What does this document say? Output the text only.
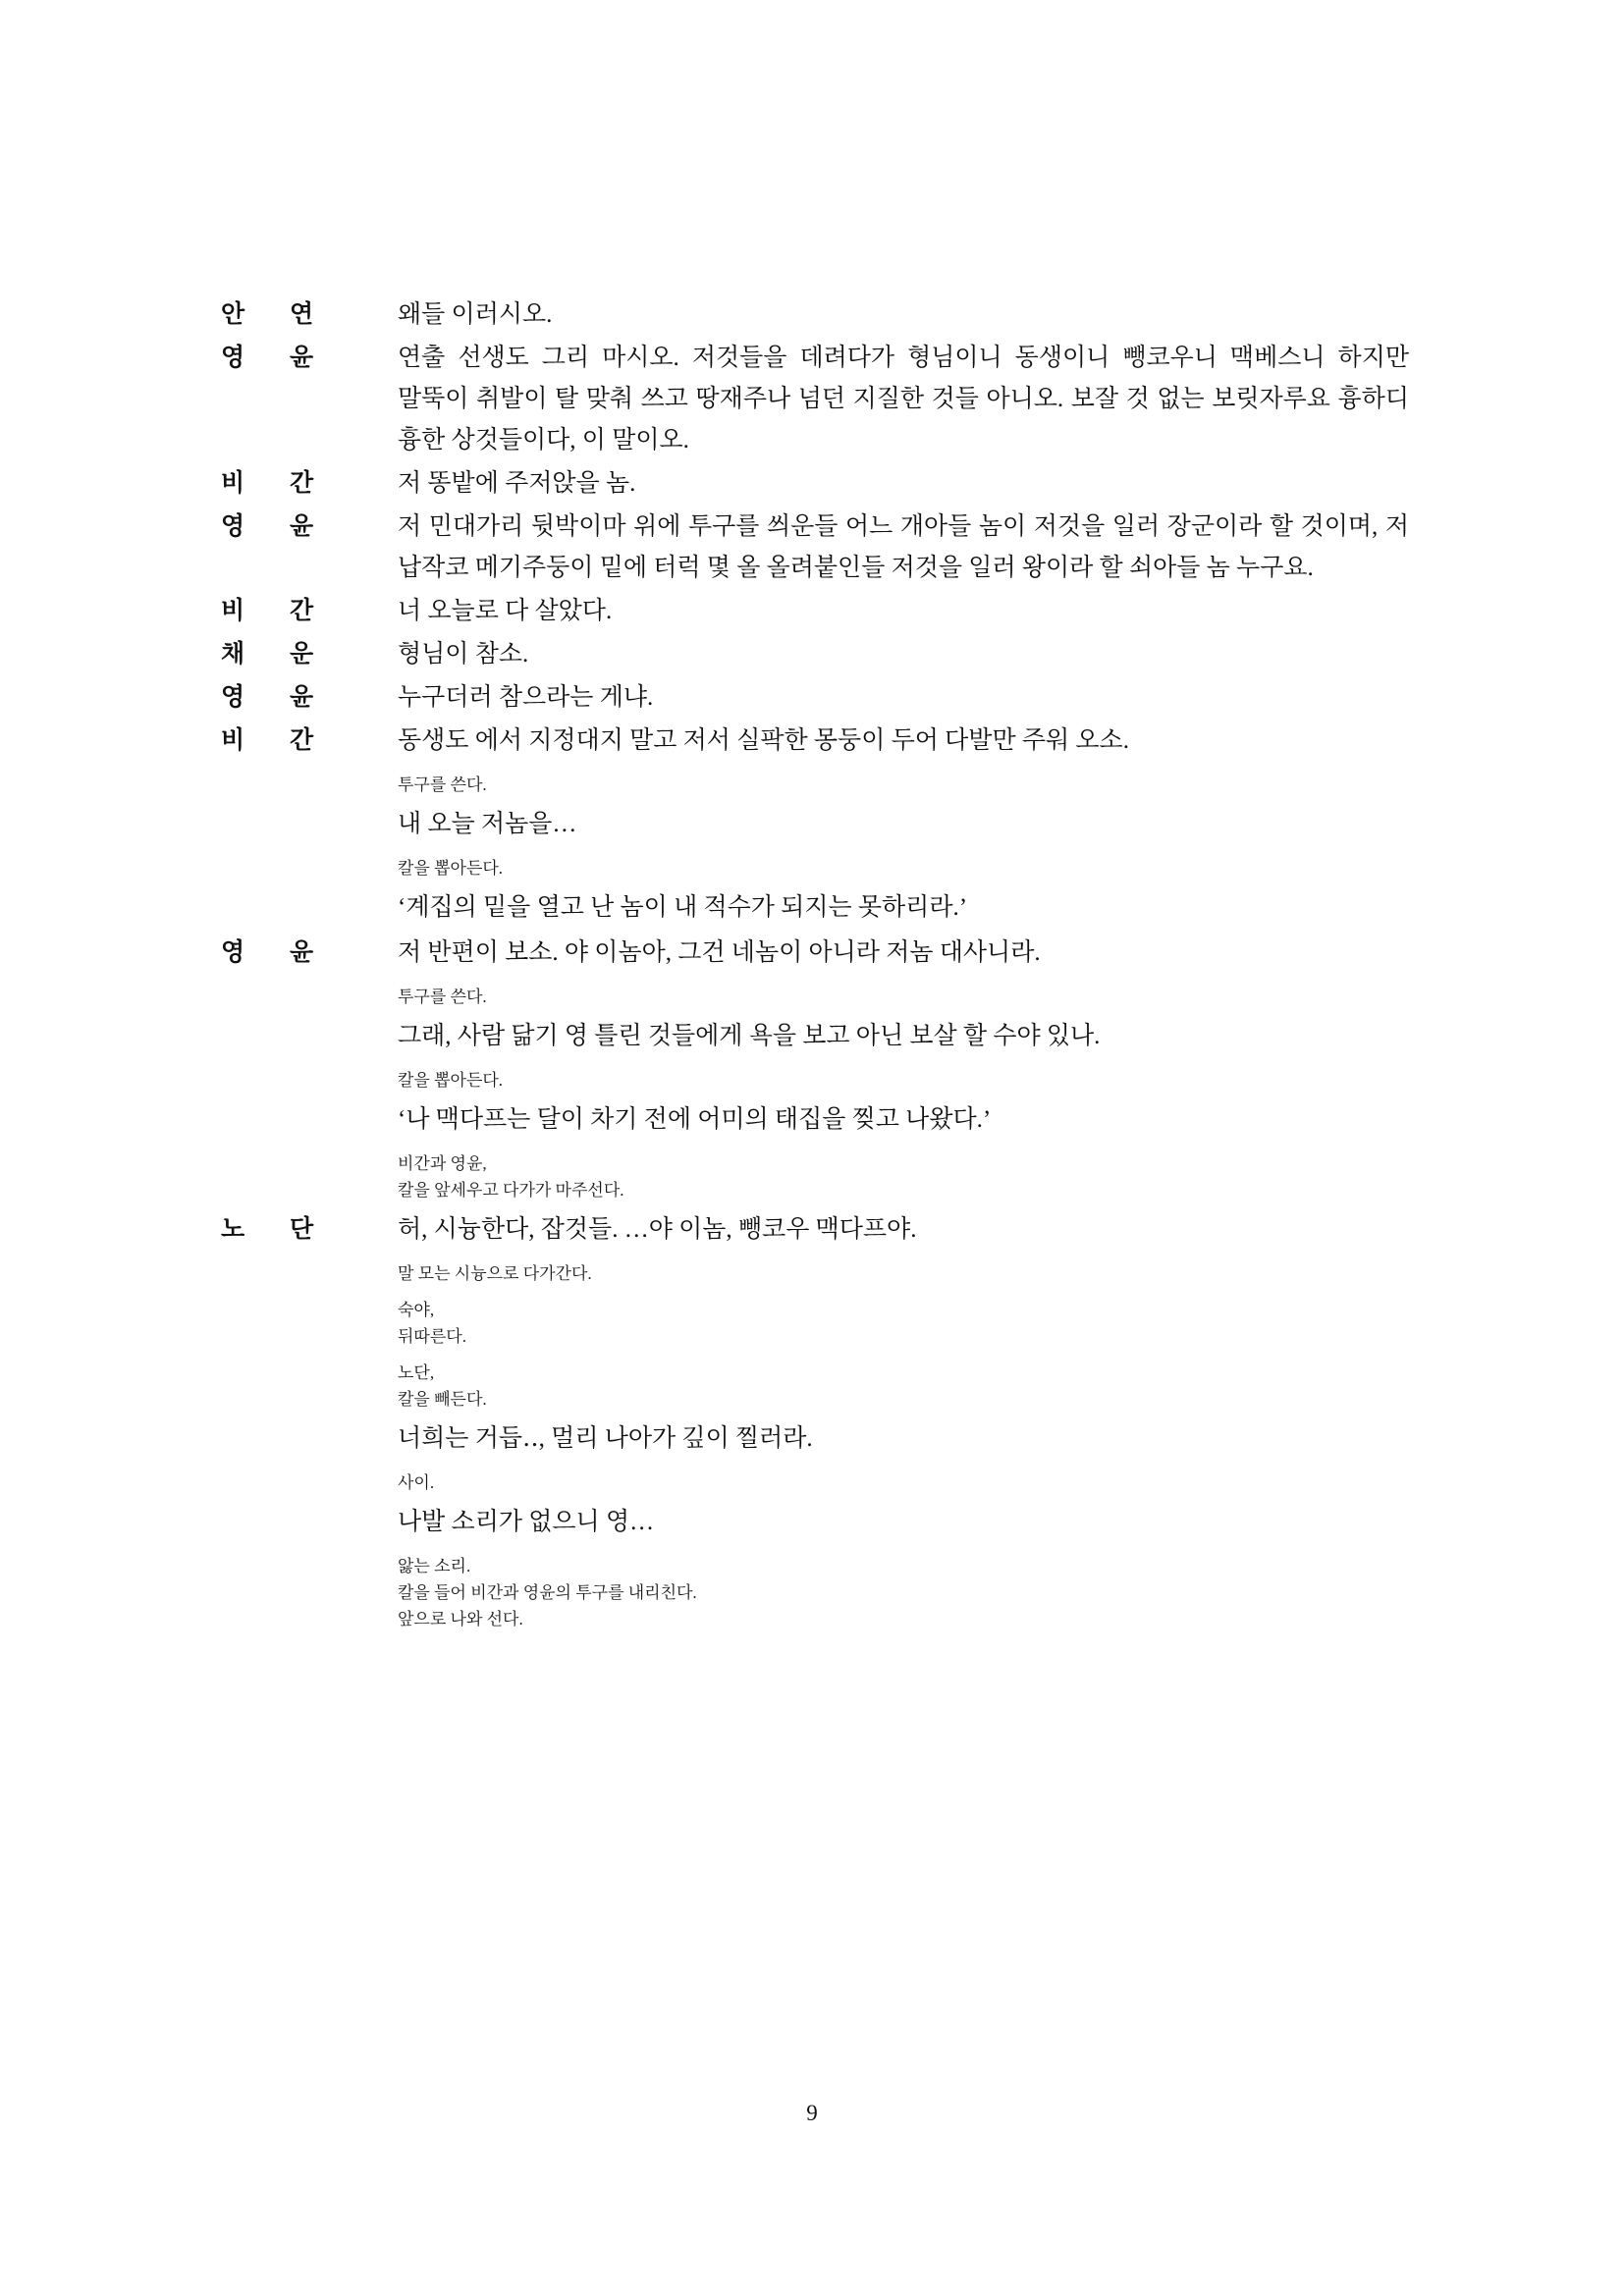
안	연	왜들 이러시오.
영	윤	연출 선생도 그리 마시오. 저것들을 데려다가 형님이니 동생이니 뺑코우니 맥베스니 하지만 말뚝이 취발이 탈 맞춰 쓰고 땅재주나 넘던 지질한 것들 아니오. 보잘 것 없는 보릿자루요 흉하디 흉한 상것들이다, 이 말이오.
비	간	저 똥밭에 주저앉을 놈.
영	윤	저 민대가리 뒷박이마 위에 투구를 씌운들 어느 개아들 놈이 저것을 일러 장군이라 할 것이며, 저 납작코 메기주둥이 밑에 터럭 몇 올 올려붙인들 저것을 일러 왕이라 할 쇠아들 놈 누구요.
비	간	너 오늘로 다 살았다.
채	운	형님이 참소.
영	윤	누구더러 참으라는 게냐.
비	간	동생도 에서 지정대지 말고 저서 실팍한 몽둥이 두어 다발만 주워 오소.
투구를 쓴다.
내 오늘 저놈을…
칼을 뽑아든다.
‘계집의 밑을 열고 난 놈이 내 적수가 되지는 못하리라.’
영	윤	저 반편이 보소. 야 이놈아, 그건 네놈이 아니라 저놈 대사니라.
투구를 쓴다.
그래, 사람 닮기 영 틀린 것들에게 욕을 보고 아닌 보살 할 수야 있나.
칼을 뽑아든다.
‘나 맥다프는 달이 차기 전에 어미의 태집을 찢고 나왔다.’
비간과 영윤,
칼을 앞세우고 다가가 마주선다.
노	단	허, 시늉한다, 잡것들. …야 이놈, 뺑코우 맥다프야.
말 모는 시늉으로 다가간다.
숙야,
뒤따른다.
노단,
칼을 빼든다.
너희는 거듭‥, 멀리 나아가 깊이 찔러라.
사이.
나발 소리가 없으니 영…
앓는 소리.
칼을 들어 비간과 영윤의 투구를 내리친다.
앞으로 나와 선다.
9
